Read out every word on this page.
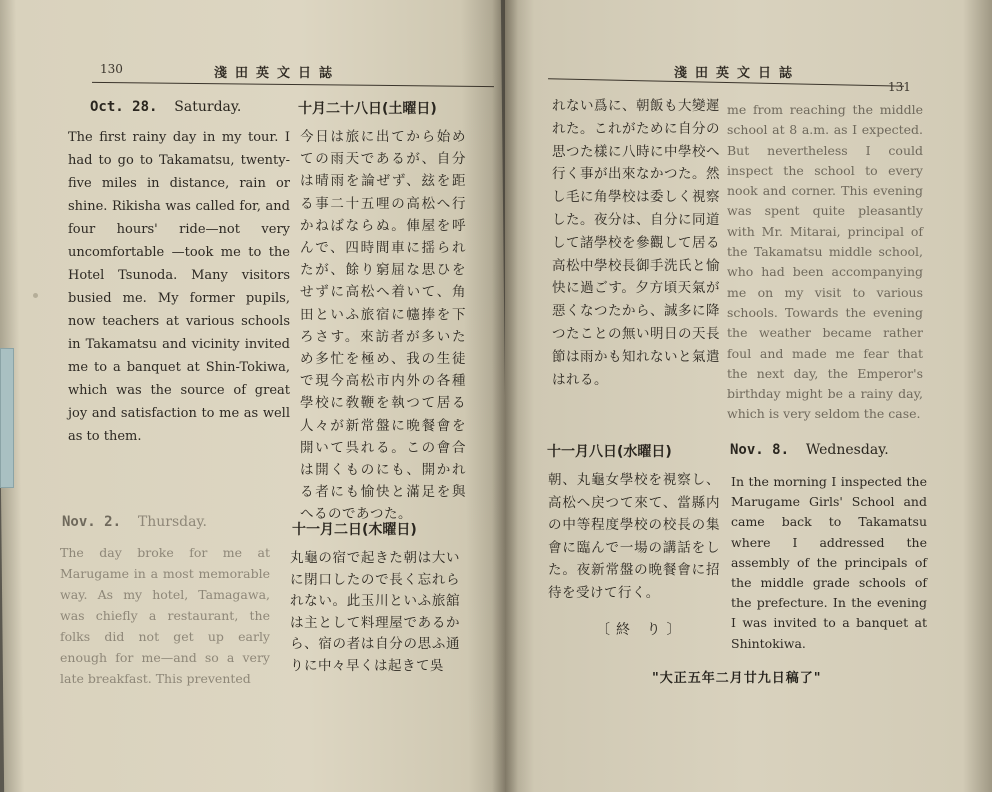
130	淺田英文日誌
Oct. 28. Saturday.	十月二十八日(土曜日)
The first rainy day in my tour. I had to go to Takamatsu, twenty-five miles in distance, rain or shine. Rikisha was called for, and four hours' ride—not very uncomfortable —took me to the Hotel Tsunoda. Many visitors busied me. My former pupils, now teachers at various schools in Takamatsu and vicinity invited me to a banquet at Shin-Tokiwa, which was the source of great joy and satisfaction to me as well as to them.
今日は旅に出てから始めての雨天であるが、自分は晴雨を論ぜず、玆を距る事二十五哩の高松へ行かねばならぬ。俥屋を呼んで、四時間車に揺られたが、餘り窮屈な思ひをせずに高松へ着いて、角田といふ旅宿に幰捧を下ろさす。來訪者が多いため多忙を極め、我の生徒で現今高松市内外の各種學校に敎鞭を執つて居る人々が新常盤に晩餐會を開いて呉れる。この會合は開くものにも、開かれる者にも愉快と滿足を與へるのであつた。
Nov. 2. Thursday.	十一月二日(木曜日)
The day broke for me at Marugame in a most memorable way. As my hotel, Tamagawa, was chiefly a restaurant, the folks did not get up early enough for me—and so a very late breakfast. This prevented
丸龜の宿で起きた朝は大いに閉口したので長く忘れられない。此玉川といふ旅舘は主として料理屋であるから、宿の者は自分の思ふ通りに中々早くは起きて吳
淺田英文日誌
131
れない爲に、朝飯も大變遲れた。これがために自分の思つた樣に八時に中學校へ行く事が出來なかつた。然し毛に角學校は委しく視察した。夜分は、自分に同道して諸學校を參觀して居る高松中學校長御手洗氏と愉快に過ごす。夕方頃天氣が惡くなつたから、誠多に降つたことの無い明日の天長節は雨かも知れないと氣遣はれる。
me from reaching the middle school at 8 a.m. as I expected. But nevertheless I could inspect the school to every nook and corner. This evening was spent quite pleasantly with Mr. Mitarai, principal of the Takamatsu middle school, who had been accompanying me on my visit to various schools. Towards the evening the weather became rather foul and made me fear that the next day, the Emperor's birthday might be a rainy day, which is very seldom the case.
十一月八日(水曜日)	Nov. 8. Wednesday.
朝、丸龜女學校を視察し、高松へ戻つて來て、當縣内の中等程度學校の校長の集會に臨んで一場の講話をした。夜新常盤の晩餐會に招待を受けて行く。
In the morning I inspected the Marugame Girls' School and came back to Takamatsu where I addressed the assembly of the principals of the middle grade schools of the prefecture. In the evening I was invited to a banquet at Shintokiwa.
〔終 り〕
"大正五年二月廿九日稿了"
